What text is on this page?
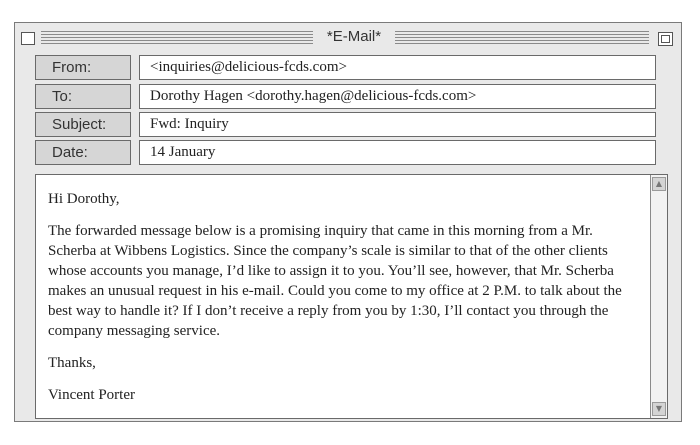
*E-Mail*
From:	<inquiries@delicious-fcds.com>
To:	Dorothy Hagen <dorothy.hagen@delicious-fcds.com>
Subject:	Fwd: Inquiry
Date:	14 January

Hi Dorothy,

The forwarded message below is a promising inquiry that came in this morning from a Mr. Scherba at Wibbens Logistics. Since the company’s scale is similar to that of the other clients whose accounts you manage, I’d like to assign it to you. You’ll see, however, that Mr. Scherba makes an unusual request in his e-mail. Could you come to my office at 2 P.M. to talk about the best way to handle it? If I don’t receive a reply from you by 1:30, I’ll contact you through the company messaging service.

Thanks,

Vincent Porter

▲
▼
